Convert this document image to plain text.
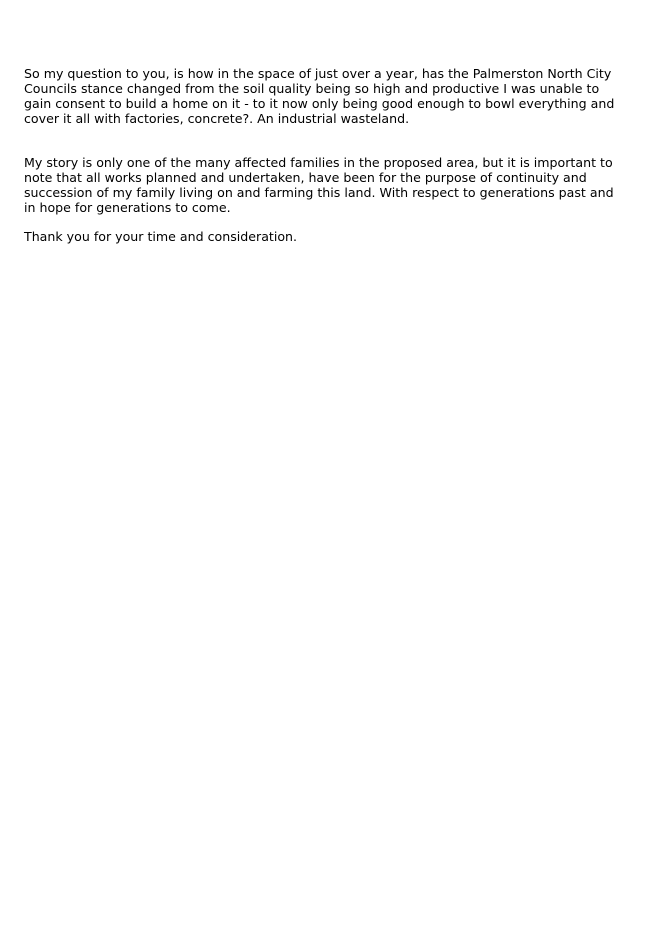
So my question to you, is how in the space of just over a year, has the Palmerston North City Councils stance changed from the soil quality being so high and productive I was unable to gain consent to build a home on it - to it now only being good enough to bowl everything and cover it all with factories, concrete?. An industrial wasteland.

My story is only one of the many affected families in the proposed area, but it is important to note that all works planned and undertaken, have been for the purpose of continuity and succession of my family living on and farming this land. With respect to generations past and in hope for generations to come.

Thank you for your time and consideration.
